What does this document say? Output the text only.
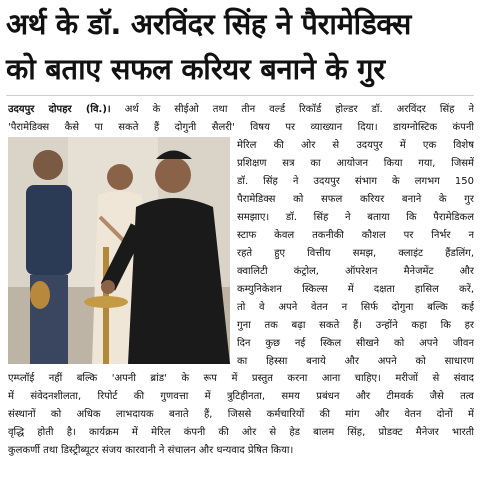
अर्थ के डॉ. अरविंदर सिंह ने पैरामेडिक्स
को बताए सफल करियर बनाने के गुर
उदयपुर दोपहर (वि.)। अर्थ के सीईओ तथा तीन वर्ल्ड रिकॉर्ड होल्डर डॉ. अरविंदर सिंह ने
'पैरामेडिक्स कैसे पा सकते हैं दोगुनी सैलरी' विषय पर व्याख्यान दिया। डायग्नोस्टिक कंपनी
मेरिल की ओर से उदयपुर में एक विशेष
प्रशिक्षण सत्र का आयोजन किया गया, जिसमें
डॉ. सिंह ने उदयपुर संभाग के लगभग 150
पैरामेडिक्स को सफल करियर बनाने के गुर
समझाए। डॉ. सिंह ने बताया कि पैरामेडिकल
स्टाफ केवल तकनीकी कौशल पर निर्भर न
रहते हुए वित्तीय समझ, क्लाइंट हैंडलिंग,
क्वालिटी कंट्रोल, ऑपरेशन मैनेजमेंट और
कम्युनिकेशन स्किल्स में दक्षता हासिल करें,
तो वे अपने वेतन न सिर्फ दोगुना बल्कि कई
गुना तक बढ़ा सकते हैं। उन्होंने कहा कि हर
दिन कुछ नई स्किल सीखने को अपने जीवन
का हिस्सा बनाये और अपने को साधारण
एम्प्लॉई नहीं बल्कि 'अपनी ब्रांड' के रूप में प्रस्तुत करना आना चाहिए। मरीजों से संवाद
में संवेदनशीलता, रिपोर्ट की गुणवत्ता में त्रुटिहीनता, समय प्रबंधन और टीमवर्क जैसे तत्व
संस्थानों को अधिक लाभदायक बनाते हैं, जिससे कर्मचारियों की मांग और वेतन दोनों में
वृद्धि होती है। कार्यक्रम में मेरिल कंपनी की ओर से हेड बालम सिंह, प्रोडक्ट मैनेजर भारती
कुलकर्णी तथा डिस्ट्रीब्यूटर संजय कारवानी ने संचालन और धन्यवाद प्रेषित किया।
